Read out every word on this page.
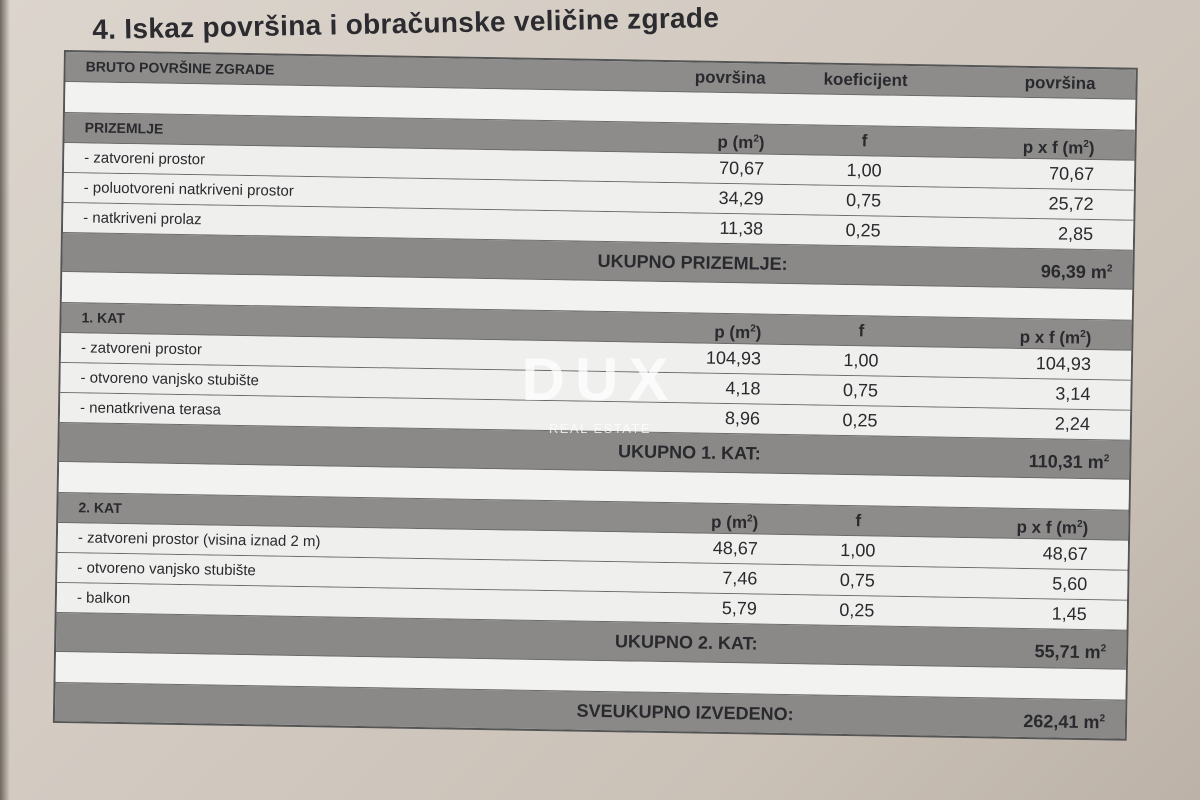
4. Iskaz površina i obračunske veličine zgrade
BRUTO POVRŠINE ZGRADE	površina	koeficijent	površina
PRIZEMLJE
p $(m^2)$	f	p x f $(m^2)$
- zatvoreni prostor	70,67	1,00	70,67
- poluotvoreni natkriveni prostor	34,29	0,75	25,72
- natkriveni prolaz	11,38	0,25	2,85
UKUPNO PRIZEMLJE:	96,39 $m^2$
1. KAT
p $(m^2)$	f	p x f $(m^2)$
- zatvoreni prostor	104,93	1,00	104,93
- otvoreno vanjsko stubište	4,18	0,75	3,14
- nenatkrivena terasa	8,96	0,25	2,24
UKUPNO 1. KAT:	110,31 $m^2$
2. KAT
p $(m^2)$	f	p x f $(m^2)$
- zatvoreni prostor (visina iznad 2 m)	48,67	1,00	48,67
- otvoreno vanjsko stubište	7,46	0,75	5,60
- balkon	5,79	0,25	1,45
UKUPNO 2. KAT:	55,71 $m^2$
SVEUKUPNO IZVEDENO:	262,41 $m^2$
DUX
REAL ESTATE
